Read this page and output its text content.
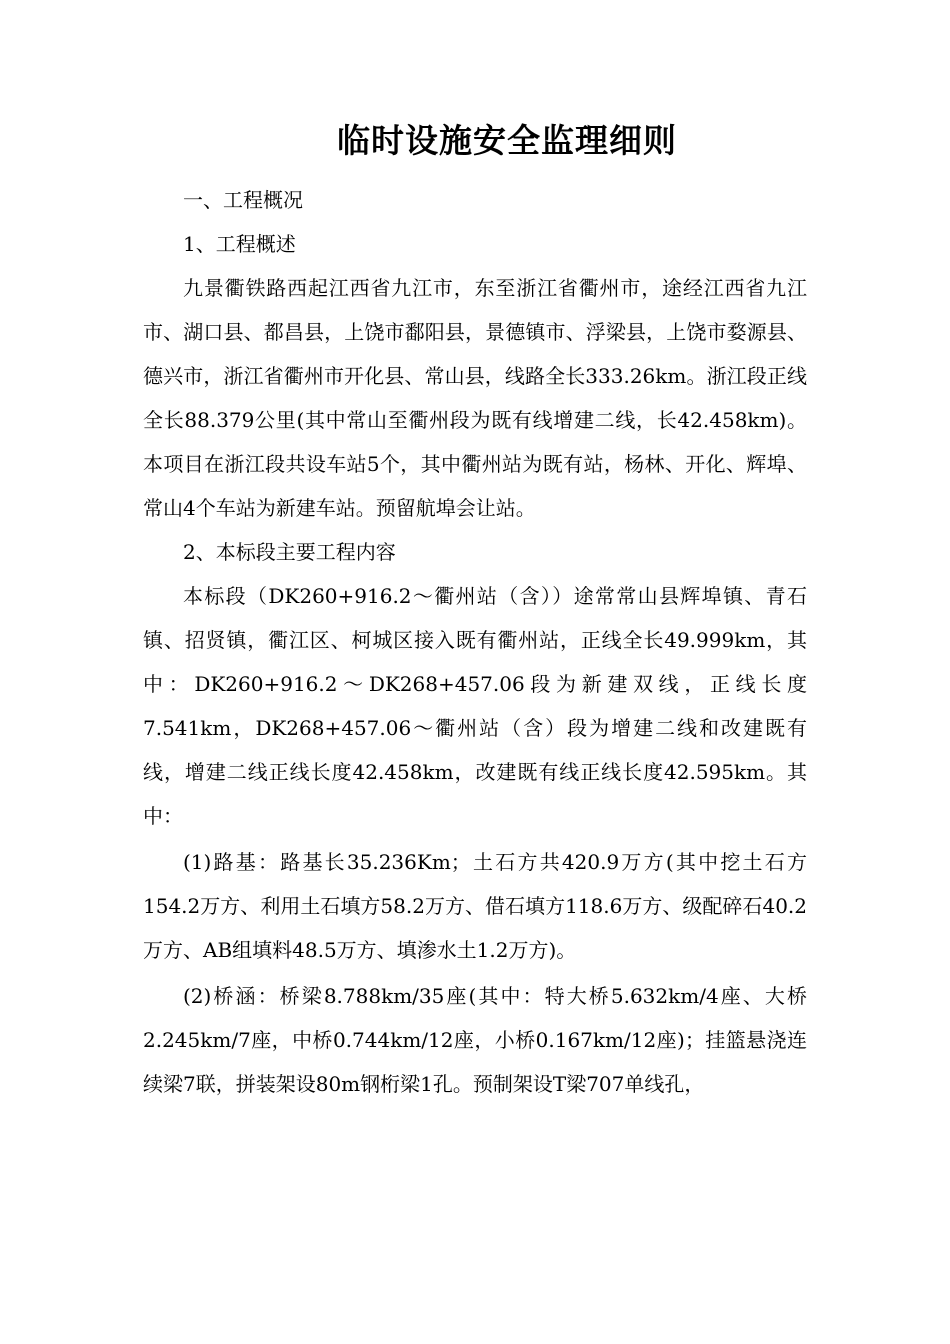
临时设施安全监理细则

一、工程概况

1、工程概述

九景衢铁路西起江西省九江市，东至浙江省衢州市，途经江西省九江市、湖口县、都昌县，上饶市鄱阳县，景德镇市、浮梁县，上饶市婺源县、德兴市，浙江省衢州市开化县、常山县，线路全长333.26km。浙江段正线全长88.379公里(其中常山至衢州段为既有线增建二线，长42.458km)。本项目在浙江段共设车站5个，其中衢州站为既有站，杨林、开化、辉埠、常山4个车站为新建车站。预留航埠会让站。

2、本标段主要工程内容

本标段（DK260+916.2～衢州站（含））途常常山县辉埠镇、青石镇、招贤镇，衢江区、柯城区接入既有衢州站，正线全长49.999km，其中：DK260+916.2～DK268+457.06段为新建双线，正线长度7.541km，DK268+457.06～衢州站（含）段为增建二线和改建既有线，增建二线正线长度42.458km，改建既有线正线长度42.595km。其中：

(1)路基：路基长35.236Km；土石方共420.9万方(其中挖土石方154.2万方、利用土石填方58.2万方、借石填方118.6万方、级配碎石40.2万方、AB组填料48.5万方、填渗水土1.2万方)。

(2)桥涵：桥梁8.788km/35座(其中：特大桥5.632km/4座、大桥2.245km/7座，中桥0.744km/12座，小桥0.167km/12座)；挂篮悬浇连续梁7联，拼装架设80m钢桁梁1孔。预制架设T梁707单线孔，
